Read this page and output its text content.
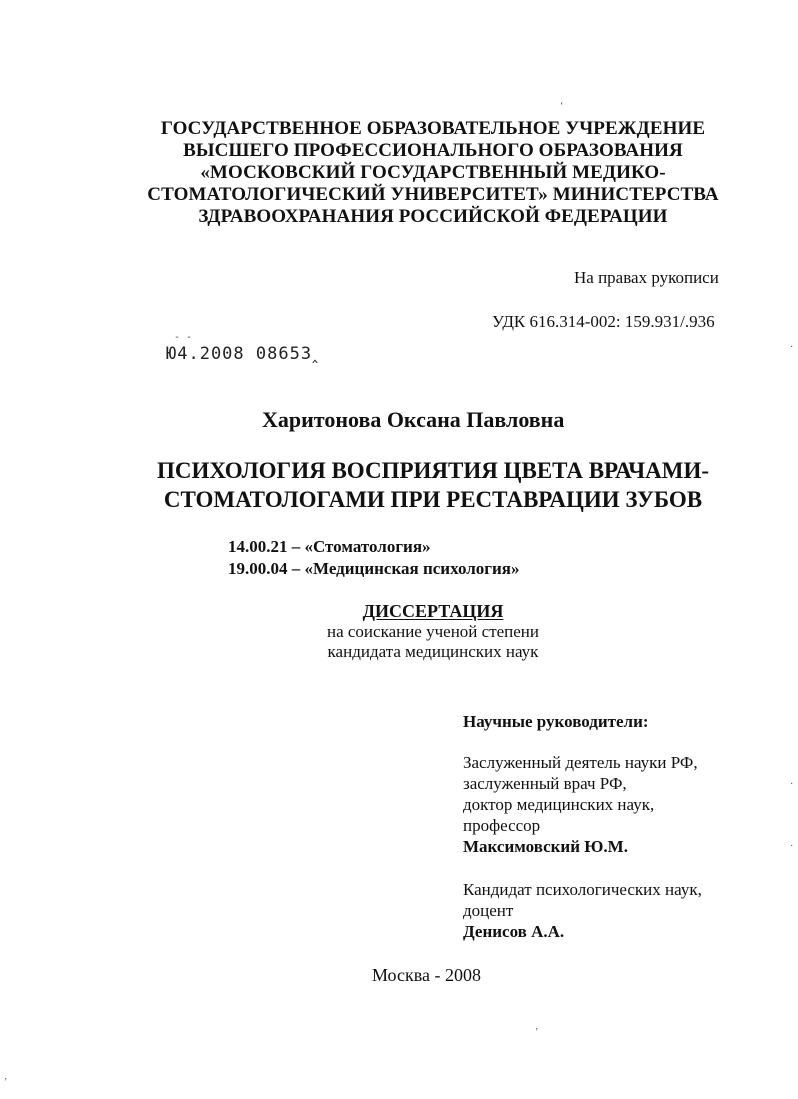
ГОСУДАРСТВЕННОЕ ОБРАЗОВАТЕЛЬНОЕ УЧРЕЖДЕНИЕ
ВЫСШЕГО ПРОФЕССИОНАЛЬНОГО ОБРАЗОВАНИЯ
«МОСКОВСКИЙ ГОСУДАРСТВЕННЫЙ МЕДИКО-
СТОМАТОЛОГИЧЕСКИЙ УНИВЕРСИТЕТ» МИНИСТЕРСТВА
ЗДРАВООХРАНАНИЯ РОССИЙСКОЙ ФЕДЕРАЦИИ
На правах рукописи
УДК 616.314-002: 159.931/.936
- -
Ю4.2008 08653‸
Харитонова Оксана Павловна
ПСИХОЛОГИЯ ВОСПРИЯТИЯ ЦВЕТА ВРАЧАМИ-
СТОМАТОЛОГАМИ ПРИ РЕСТАВРАЦИИ ЗУБОВ
14.00.21 – «Стоматология»
19.00.04 – «Медицинская психология»
ДИССЕРТАЦИЯ
на соискание ученой степени
кандидата медицинских наук
Научные руководители:
Заслуженный деятель науки РФ,
заслуженный врач РФ,
доктор медицинских наук,
профессор
Максимовский Ю.М.
Кандидат психологических наук,
доцент
Денисов А.А.
Москва - 2008
‘
·
·
·
’
’
